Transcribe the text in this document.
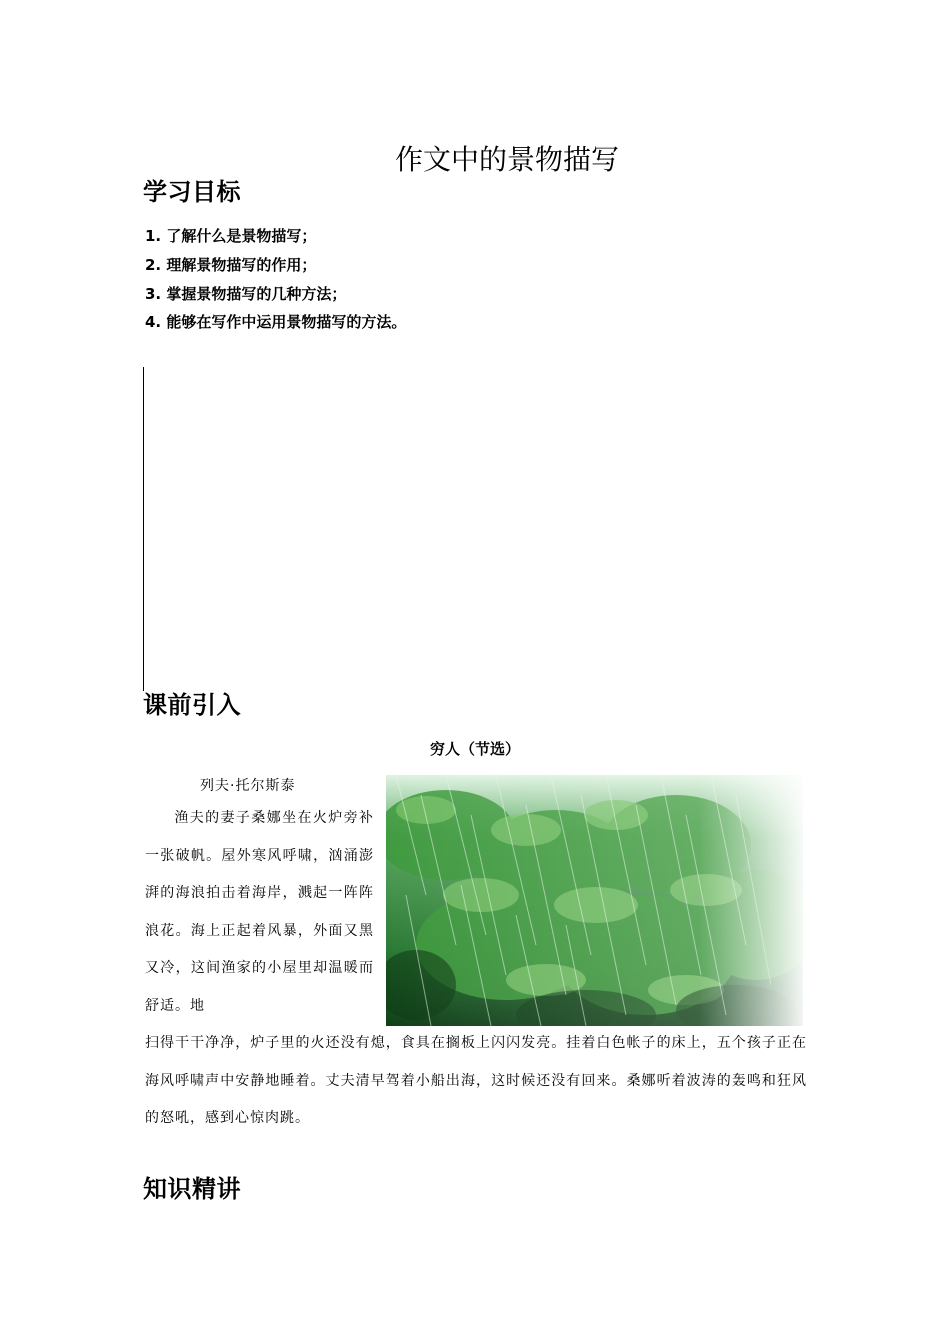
作文中的景物描写
学习目标
1. 了解什么是景物描写；
2. 理解景物描写的作用；
3. 掌握景物描写的几种方法；
4. 能够在写作中运用景物描写的方法。
课前引入
穷人（节选）
列夫·托尔斯泰
渔夫的妻子桑娜坐在火炉旁补一张破帆。屋外寒风呼啸，汹涌澎湃的海浪拍击着海岸，溅起一阵阵浪花。海上正起着风暴，外面又黑又冷，这间渔家的小屋里却温暖而舒适。地
扫得干干净净，炉子里的火还没有熄，食具在搁板上闪闪发亮。挂着白色帐子的床上，五个孩子正在海风呼啸声中安静地睡着。丈夫清早驾着小船出海，这时候还没有回来。桑娜听着波涛的轰鸣和狂风的怒吼，感到心惊肉跳。
知识精讲
